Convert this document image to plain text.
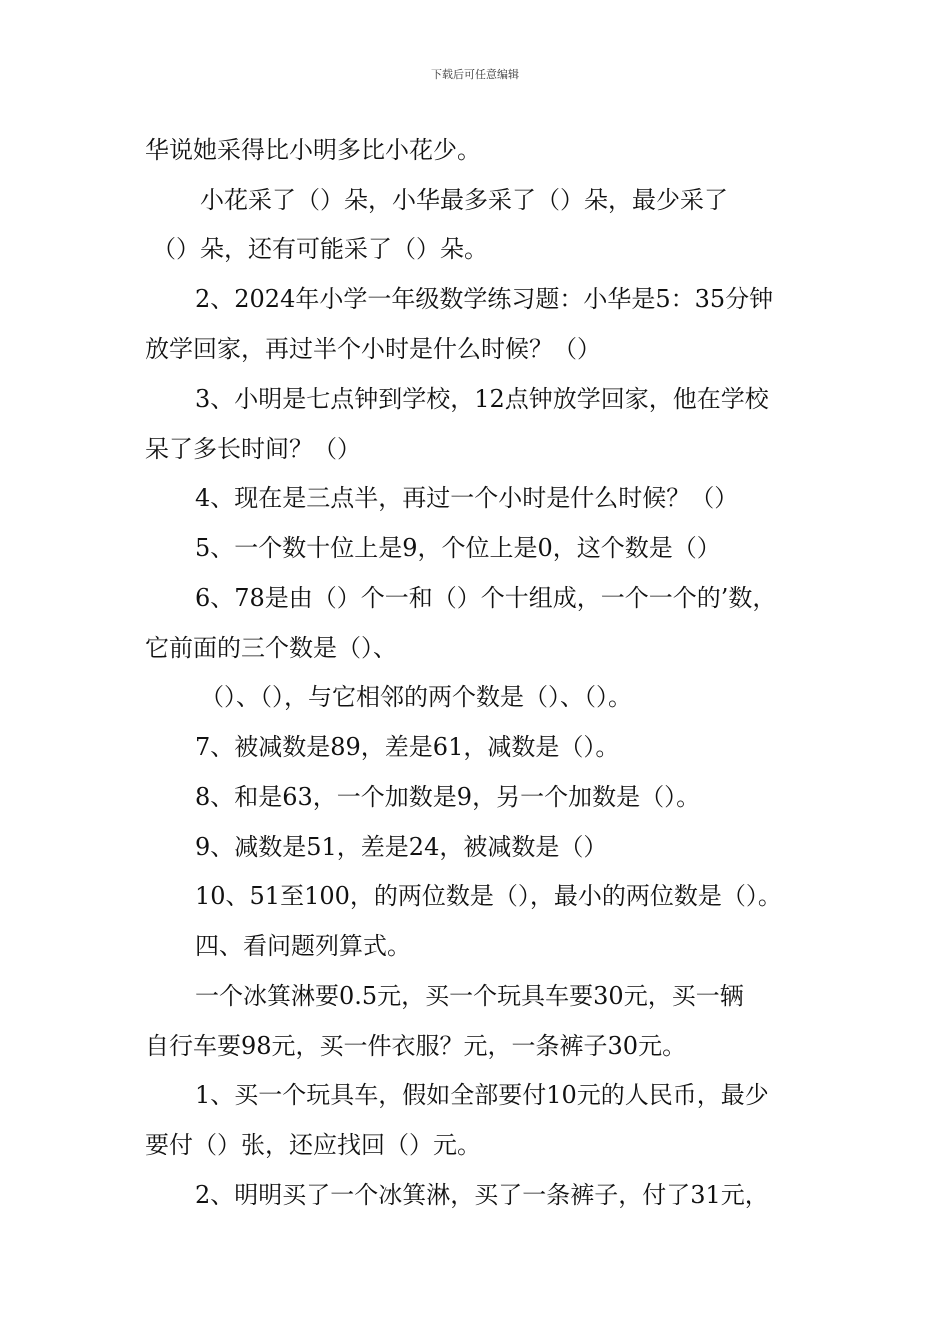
下载后可任意编辑
华说她采得比小明多比小花少。
小花采了（）朵，小华最多采了（）朵，最少采了
（）朵，还有可能采了（）朵。
2、2024年小学一年级数学练习题：小华是5：35分钟
放学回家，再过半个小时是什么时候？（）
3、小明是七点钟到学校，12点钟放学回家，他在学校
呆了多长时间？（）
4、现在是三点半，再过一个小时是什么时候？（）
5、一个数十位上是9，个位上是0，这个数是（）
6、78是由（）个一和（）个十组成，一个一个的’数，
它前面的三个数是（）、
（）、（），与它相邻的两个数是（）、（）。
7、被减数是89，差是61，减数是（）。
8、和是63，一个加数是9，另一个加数是（）。
9、减数是51，差是24，被减数是（）
10、51至100，的两位数是（），最小的两位数是（）。
四、看问题列算式。
一个冰箕淋要0.5元，买一个玩具车要30元，买一辆
自行车要98元，买一件衣服？元，一条裤子30元。
1、买一个玩具车，假如全部要付10元的人民币，最少
要付（）张，还应找回（）元。
2、明明买了一个冰箕淋，买了一条裤子，付了31元，
